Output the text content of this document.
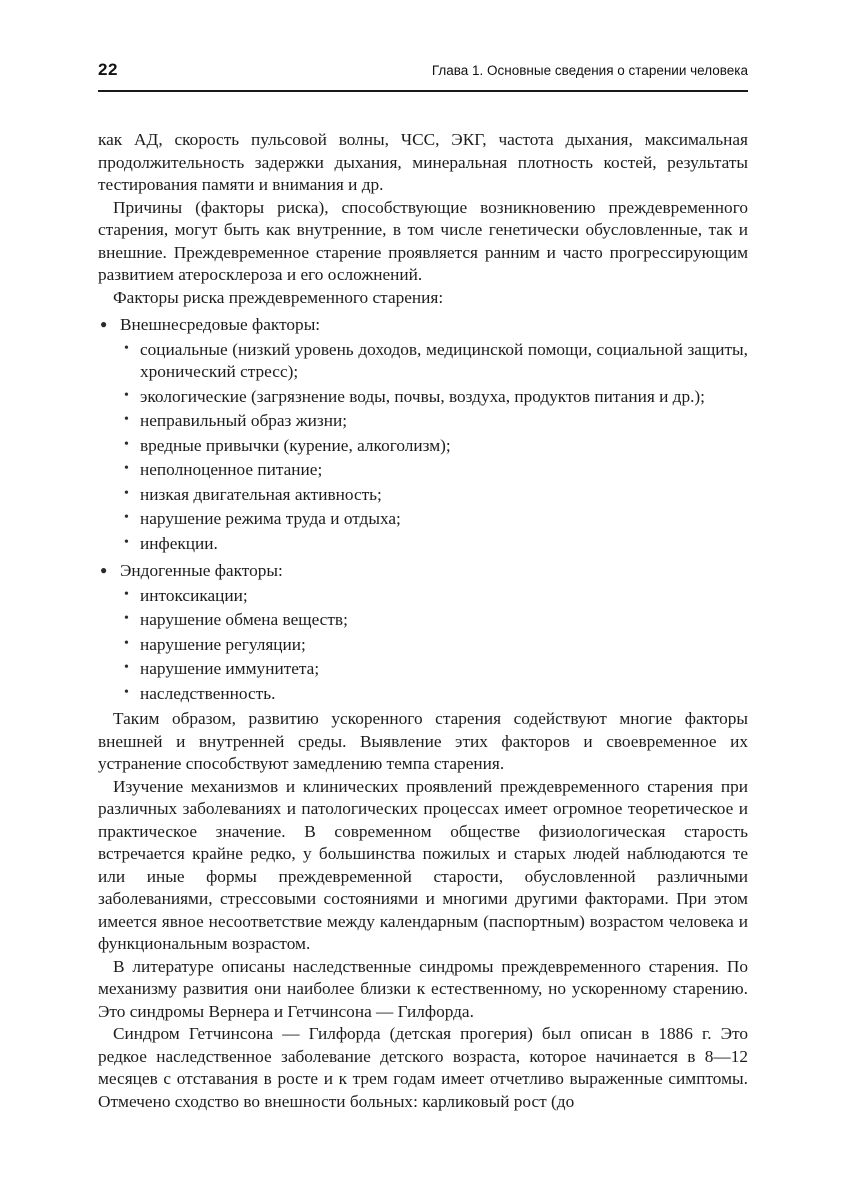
22	Глава 1. Основные сведения о старении человека

как АД, скорость пульсовой волны, ЧСС, ЭКГ, частота дыхания, максимальная продолжительность задержки дыхания, минеральная плотность костей, результаты тестирования памяти и внимания и др.

Причины (факторы риска), способствующие возникновению преждевременного старения, могут быть как внутренние, в том числе генетически обусловленные, так и внешние. Преждевременное старение проявляется ранним и часто прогрессирующим развитием атеросклероза и его осложнений.

Факторы риска преждевременного старения:

● Внешнесредовые факторы:
• социальные (низкий уровень доходов, медицинской помощи, социальной защиты, хронический стресс);
• экологические (загрязнение воды, почвы, воздуха, продуктов питания и др.);
• неправильный образ жизни;
• вредные привычки (курение, алкоголизм);
• неполноценное питание;
• низкая двигательная активность;
• нарушение режима труда и отдыха;
• инфекции.
● Эндогенные факторы:
• интоксикации;
• нарушение обмена веществ;
• нарушение регуляции;
• нарушение иммунитета;
• наследственность.

Таким образом, развитию ускоренного старения содействуют многие факторы внешней и внутренней среды. Выявление этих факторов и своевременное их устранение способствуют замедлению темпа старения.

Изучение механизмов и клинических проявлений преждевременного старения при различных заболеваниях и патологических процессах имеет огромное теоретическое и практическое значение. В современном обществе физиологическая старость встречается крайне редко, у большинства пожилых и старых людей наблюдаются те или иные формы преждевременной старости, обусловленной различными заболеваниями, стрессовыми состояниями и многими другими факторами. При этом имеется явное несоответствие между календарным (паспортным) возрастом человека и функциональным возрастом.

В литературе описаны наследственные синдромы преждевременного старения. По механизму развития они наиболее близки к естественному, но ускоренному старению. Это синдромы Вернера и Гетчинсона — Гилфорда.

Синдром Гетчинсона — Гилфорда (детская прогерия) был описан в 1886 г. Это редкое наследственное заболевание детского возраста, которое начинается в 8—12 месяцев с отставания в росте и к трем годам имеет отчетливо выраженные симптомы. Отмечено сходство во внешности больных: карликовый рост (до
